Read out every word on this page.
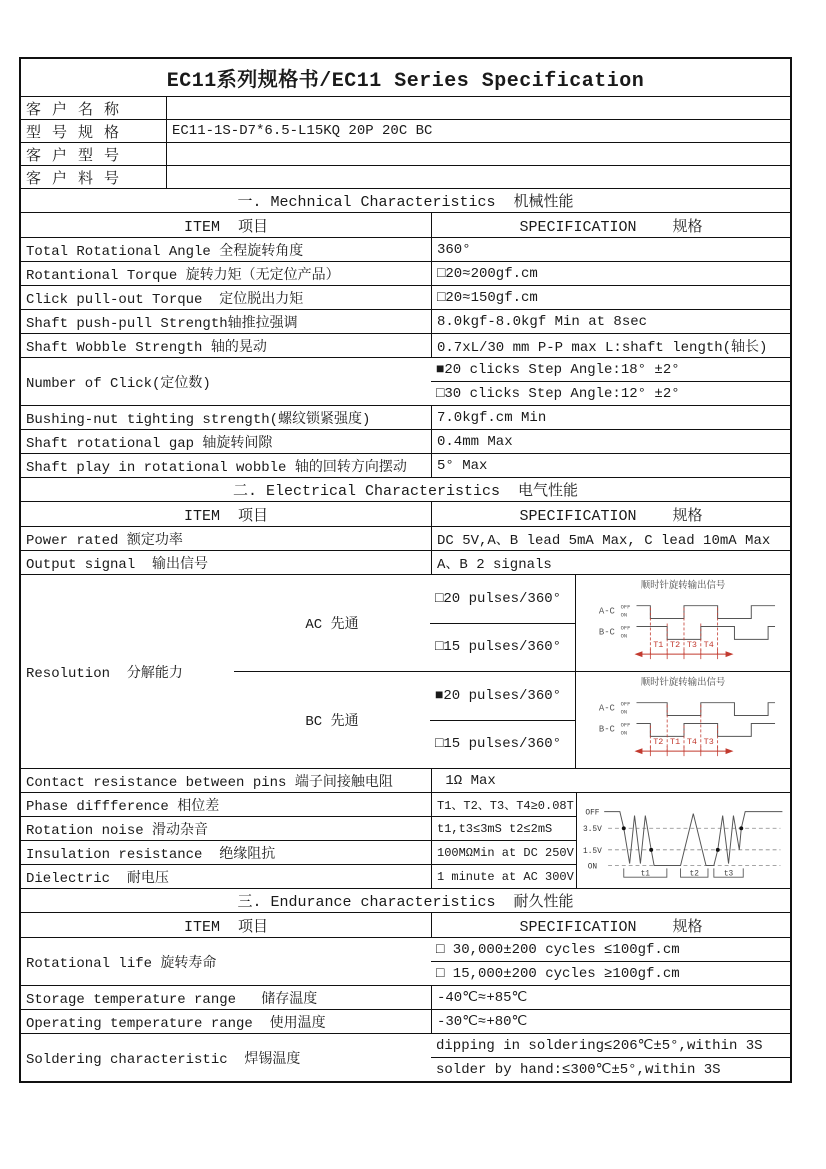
EC11系列规格书/EC11 Series Specification
客 户 名 称
型 号 规 格	EC11-1S-D7*6.5-L15KQ 20P 20C BC
客 户 型 号
客 户 料 号
一. Mechnical Characteristics  机械性能
ITEM  项目	SPECIFICATION    规格
Total Rotational Angle 全程旋转角度	360°
Rotantional Torque 旋转力矩（无定位产品）	□20≈200gf.cm
Click pull-out Torque  定位脱出力矩	□20≈150gf.cm
Shaft push-pull Strength轴推拉强调	8.0kgf-8.0kgf Min at 8sec
Shaft Wobble Strength 轴的晃动	0.7xL/30 mm P-P max L:shaft length(轴长)
Number of Click(定位数)
■20 clicks Step Angle:18° ±2°
□30 clicks Step Angle:12° ±2°
Bushing-nut tighting strength(螺纹锁紧强度)	7.0kgf.cm Min
Shaft rotational gap 轴旋转间隙	0.4mm Max
Shaft play in rotational wobble 轴的回转方向摆动	5° Max
二. Electrical Characteristics  电气性能
ITEM  项目	SPECIFICATION    规格
Power rated 额定功率	DC 5V,A、B lead 5mA Max, C lead 10mA Max
Output signal  输出信号	A、B 2 signals
Resolution  分解能力
AC 先通
□20 pulses/360°
□15 pulses/360°
顺时针旋转输出信号
A-C OFF
ON
B-C OFF
ON
T1 T2 T3 T4
BC 先通
■20 pulses/360°
□15 pulses/360°
顺时针旋转输出信号
A-C OFF
ON
B-C OFF
ON
T2 T1 T4 T3
Contact resistance between pins 端子间接触电阻	1Ω Max
Phase diffference 相位差	T1、T2、T3、T4≥0.08T
Rotation noise 滑动杂音	t1,t3≤3mS t2≤2mS
Insulation resistance  绝缘阻抗	100MΩMin at DC 250V
Dielectric  耐电压	1 minute at AC 300V
OFF
3.5V
1.5V
ON
t1	t2	t3
三. Endurance characteristics  耐久性能
ITEM  项目	SPECIFICATION    规格
Rotational life 旋转寿命
□ 30,000±200 cycles ≤100gf.cm
□ 15,000±200 cycles ≥100gf.cm
Storage temperature range   储存温度	-40℃≈+85℃
Operating temperature range  使用温度	-30℃≈+80℃
Soldering characteristic  焊锡温度
dipping in soldering≤206℃±5°,within 3S
solder by hand:≤300℃±5°,within 3S
